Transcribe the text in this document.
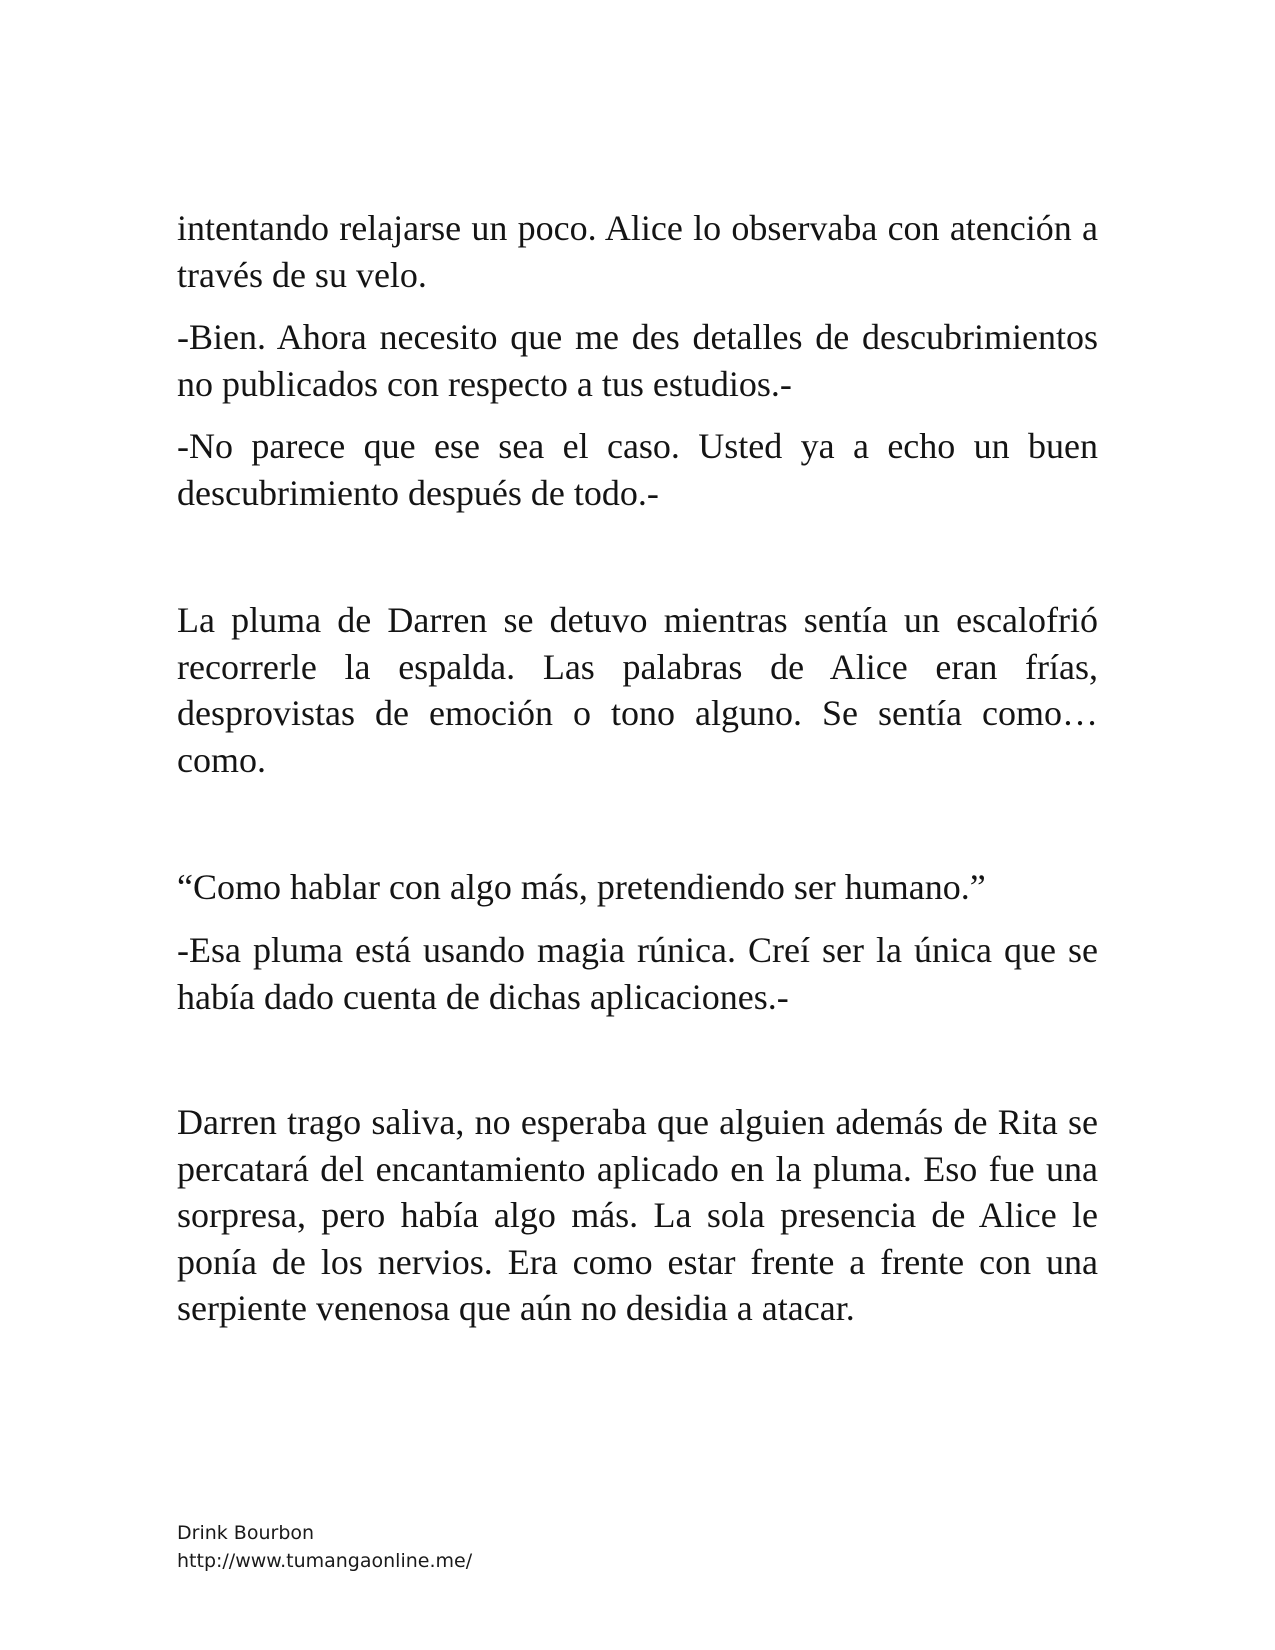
intentando relajarse un poco. Alice lo observaba con atención a través de su velo.

-Bien. Ahora necesito que me des detalles de descubrimientos no publicados con respecto a tus estudios.-

-No parece que ese sea el caso. Usted ya a echo un buen descubrimiento después de todo.-

La pluma de Darren se detuvo mientras sentía un escalofrió recorrerle la espalda. Las palabras de Alice eran frías, desprovistas de emoción o tono alguno. Se sentía como… como.

“Como hablar con algo más, pretendiendo ser humano.”

-Esa pluma está usando magia rúnica. Creí ser la única que se había dado cuenta de dichas aplicaciones.-

Darren trago saliva, no esperaba que alguien además de Rita se percatará del encantamiento aplicado en la pluma. Eso fue una sorpresa, pero había algo más. La sola presencia de Alice le ponía de los nervios. Era como estar frente a frente con una serpiente venenosa que aún no desidia a atacar.

Drink Bourbon
http://www.tumangaonline.me/
